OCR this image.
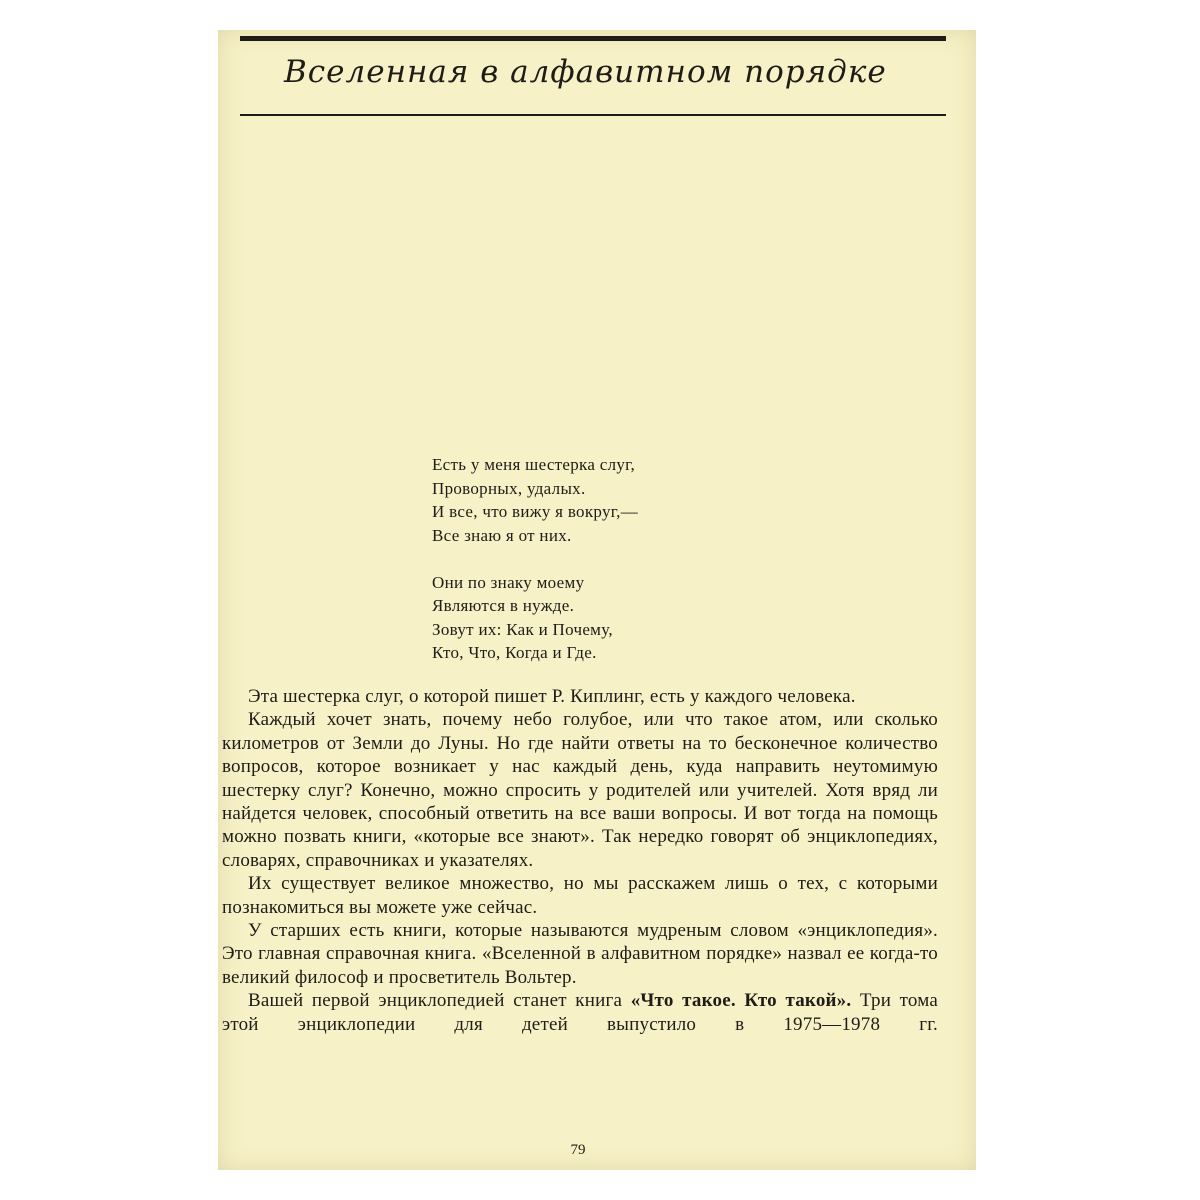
Вселенная в алфавитном порядке
Есть у меня шестерка слуг,
Проворных, удалых.
И все, что вижу я вокруг,—
Все знаю я от них.
Они по знаку моему
Являются в нужде.
Зовут их: Как и Почему,
Кто, Что, Когда и Где.

Эта шестерка слуг, о которой пишет Р. Киплинг, есть у каждого человека.

Каждый хочет знать, почему небо голубое, или что такое атом, или сколько километров от Земли до Луны. Но где найти ответы на то бесконечное количество вопросов, которое возникает у нас каждый день, куда направить неутомимую шестерку слуг? Конечно, можно спросить у родителей или учителей. Хотя вряд ли найдется человек, способный ответить на все ваши вопросы. И вот тогда на помощь можно позвать книги, «которые все знают». Так нередко говорят об энциклопедиях, словарях, справочниках и указателях.

Их существует великое множество, но мы расскажем лишь о тех, с которыми познакомиться вы можете уже сейчас.

У старших есть книги, которые называются мудреным словом «энциклопедия». Это главная справочная книга. «Вселенной в алфавитном порядке» назвал ее когда-то великий философ и просветитель Вольтер.

Вашей первой энциклопедией станет книга «Что такое. Кто такой». Три тома этой энциклопедии для детей выпустило в 1975—1978 гг.

79
